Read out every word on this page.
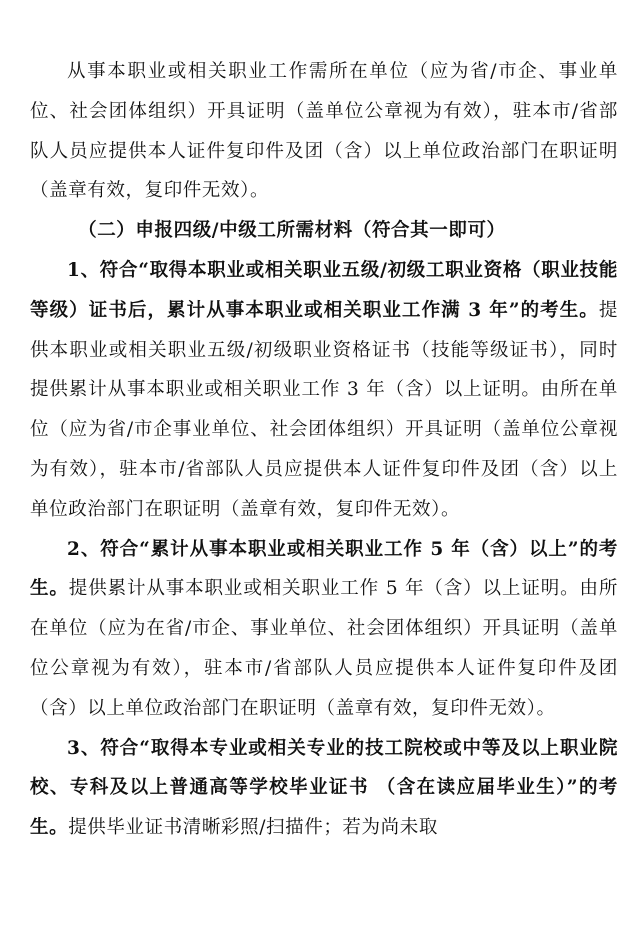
从事本职业或相关职业工作需所在单位（应为省/市企、事业单位、社会团体组织）开具证明（盖单位公章视为有效），驻本市/省部队人员应提供本人证件复印件及团（含）以上单位政治部门在职证明（盖章有效，复印件无效）。

（二）申报四级/中级工所需材料（符合其一即可）

1、符合“取得本职业或相关职业五级/初级工职业资格（职业技能等级）证书后，累计从事本职业或相关职业工作满 3 年”的考生。提供本职业或相关职业五级/初级职业资格证书（技能等级证书），同时提供累计从事本职业或相关职业工作 3 年（含）以上证明。由所在单位（应为省/市企事业单位、社会团体组织）开具证明（盖单位公章视为有效），驻本市/省部队人员应提供本人证件复印件及团（含）以上单位政治部门在职证明（盖章有效，复印件无效）。

2、符合“累计从事本职业或相关职业工作 5 年（含）以上”的考生。提供累计从事本职业或相关职业工作 5 年（含）以上证明。由所在单位（应为在省/市企、事业单位、社会团体组织）开具证明（盖单位公章视为有效），驻本市/省部队人员应提供本人证件复印件及团（含）以上单位政治部门在职证明（盖章有效，复印件无效）。

3、符合“取得本专业或相关专业的技工院校或中等及以上职业院校、专科及以上普通高等学校毕业证书 （含在读应届毕业生）”的考生。提供毕业证书清晰彩照/扫描件；若为尚未取
